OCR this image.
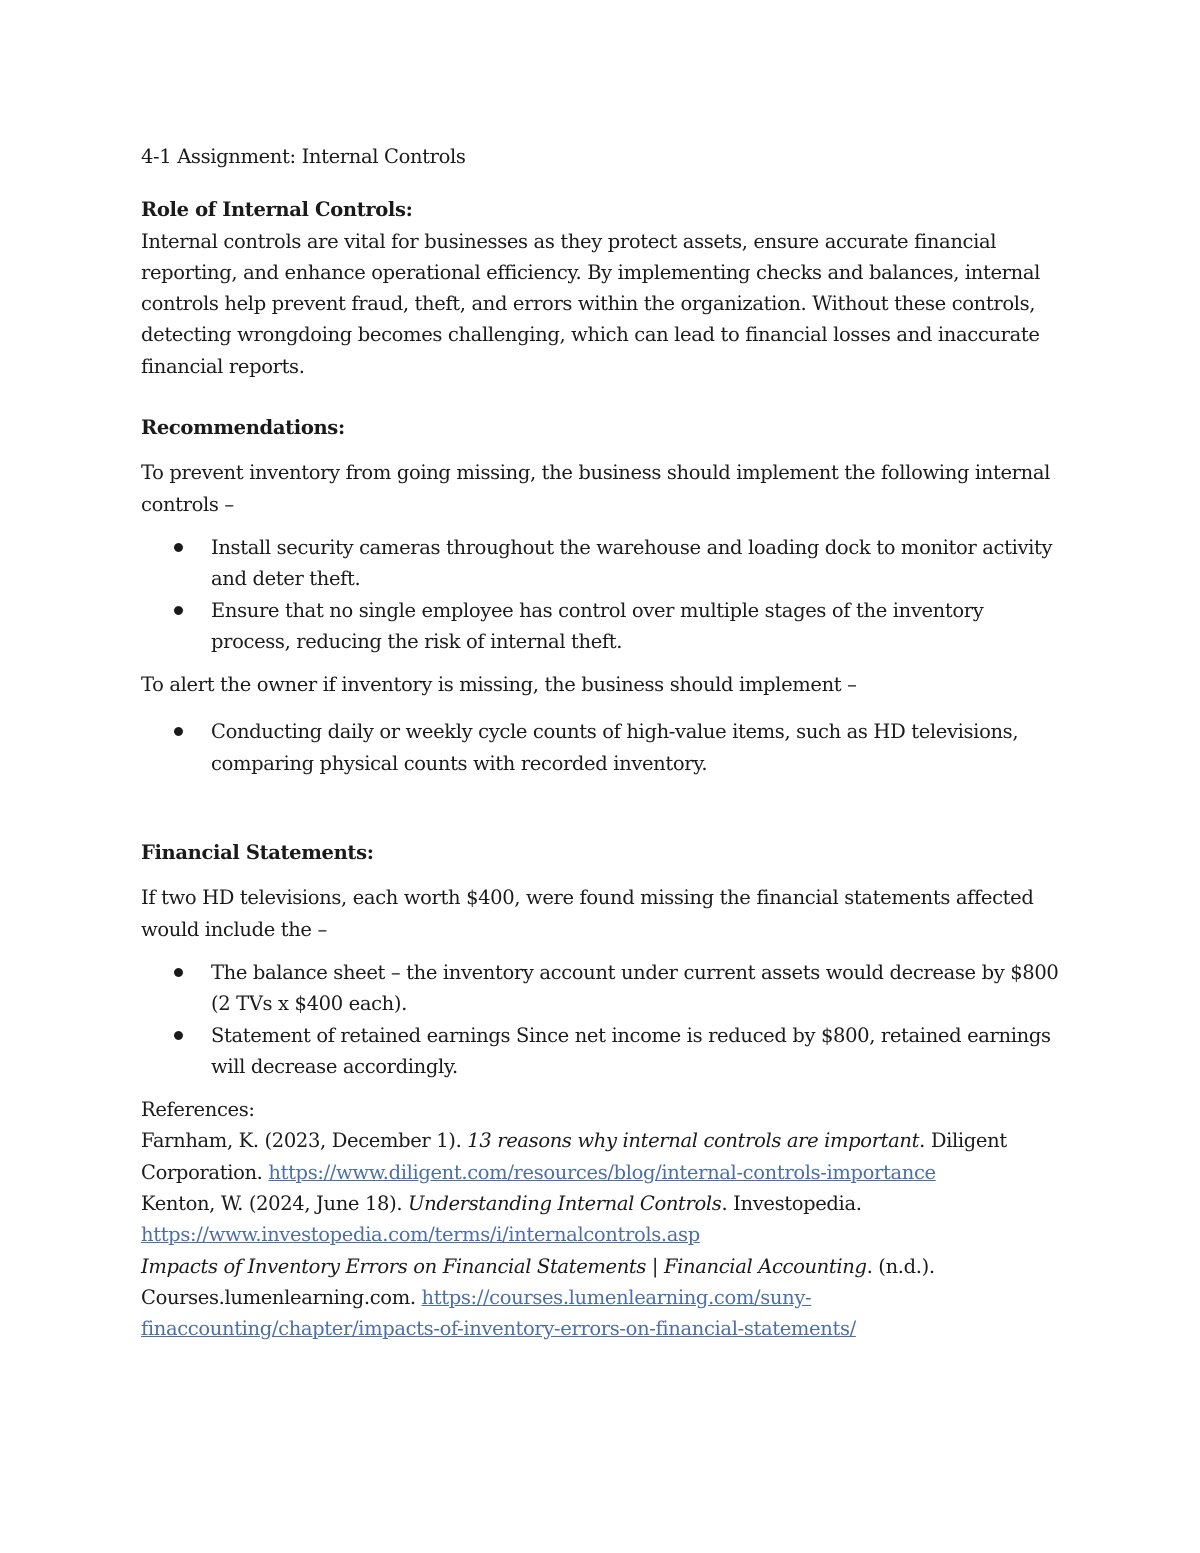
4-1 Assignment: Internal Controls

Role of Internal Controls:

Internal controls are vital for businesses as they protect assets, ensure accurate financial reporting, and enhance operational efficiency. By implementing checks and balances, internal controls help prevent fraud, theft, and errors within the organization. Without these controls, detecting wrongdoing becomes challenging, which can lead to financial losses and inaccurate financial reports.

Recommendations:

To prevent inventory from going missing, the business should implement the following internal controls –

Install security cameras throughout the warehouse and loading dock to monitor activity and deter theft.
Ensure that no single employee has control over multiple stages of the inventory process, reducing the risk of internal theft.

To alert the owner if inventory is missing, the business should implement –

Conducting daily or weekly cycle counts of high-value items, such as HD televisions, comparing physical counts with recorded inventory.

Financial Statements:

If two HD televisions, each worth $400, were found missing the financial statements affected would include the –

The balance sheet – the inventory account under current assets would decrease by $800 (2 TVs x $400 each).
Statement of retained earnings Since net income is reduced by $800, retained earnings will decrease accordingly.

References:

Farnham, K. (2023, December 1). 13 reasons why internal controls are important. Diligent Corporation. https://www.diligent.com/resources/blog/internal-controls-importance

Kenton, W. (2024, June 18). Understanding Internal Controls. Investopedia. https://www.investopedia.com/terms/i/internalcontrols.asp

Impacts of Inventory Errors on Financial Statements | Financial Accounting. (n.d.). Courses.lumenlearning.com. https://courses.lumenlearning.com/suny-finaccounting/chapter/impacts-of-inventory-errors-on-financial-statements/
